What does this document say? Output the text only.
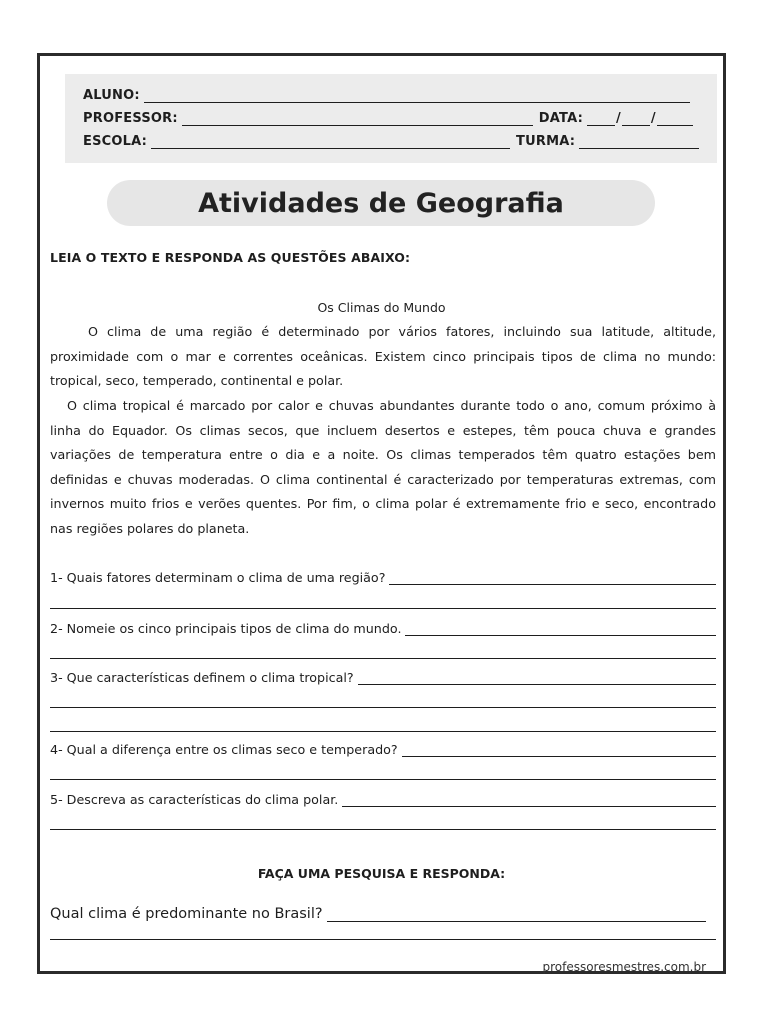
ALUNO:
PROFESSOR:	DATA:	/ /
ESCOLA:	TURMA:
Atividades de Geografia
LEIA O TEXTO E RESPONDA AS QUESTÕES ABAIXO:
Os Climas do Mundo

O clima de uma região é determinado por vários fatores, incluindo sua latitude, altitude, proximidade com o mar e correntes oceânicas. Existem cinco principais tipos de clima no mundo: tropical, seco, temperado, continental e polar.

O clima tropical é marcado por calor e chuvas abundantes durante todo o ano, comum próximo à linha do Equador. Os climas secos, que incluem desertos e estepes, têm pouca chuva e grandes variações de temperatura entre o dia e a noite. Os climas temperados têm quatro estações bem definidas e chuvas moderadas. O clima continental é caracterizado por temperaturas extremas, com invernos muito frios e verões quentes. Por fim, o clima polar é extremamente frio e seco, encontrado nas regiões polares do planeta.

1- Quais fatores determinam o clima de uma região?
2- Nomeie os cinco principais tipos de clima do mundo.
3- Que características definem o clima tropical?
4- Qual a diferença entre os climas seco e temperado?
5- Descreva as características do clima polar.
FAÇA UMA PESQUISA E RESPONDA:
Qual clima é predominante no Brasil?
professoresmestres.com.br
